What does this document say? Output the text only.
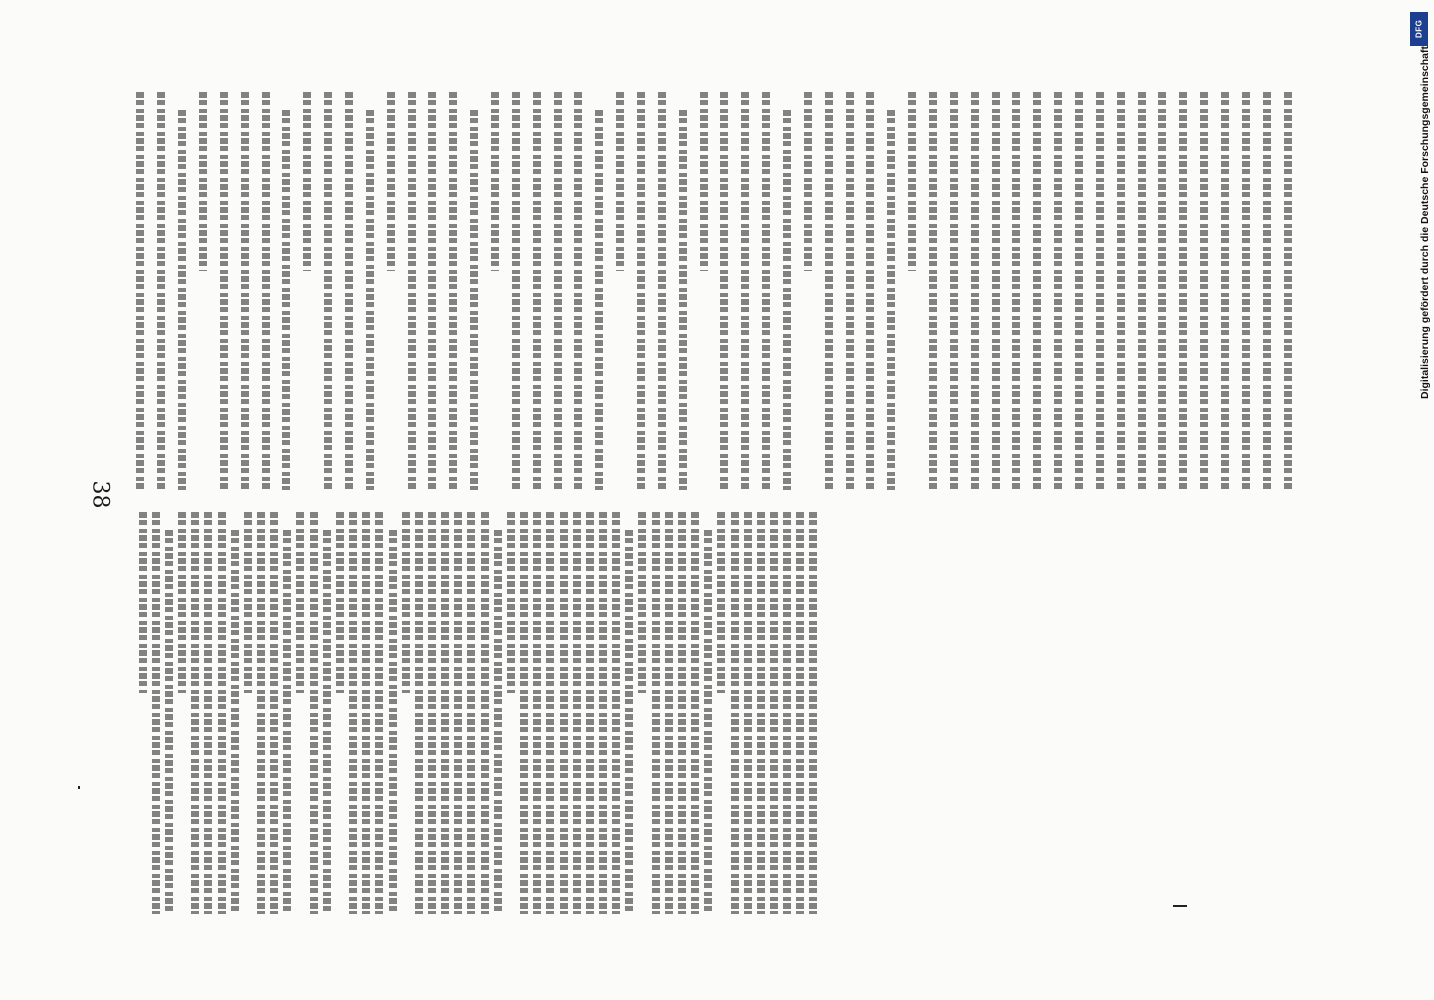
38
DFG
Digitalisierung gefördert durch die Deutsche Forschungsgemeinschaft
